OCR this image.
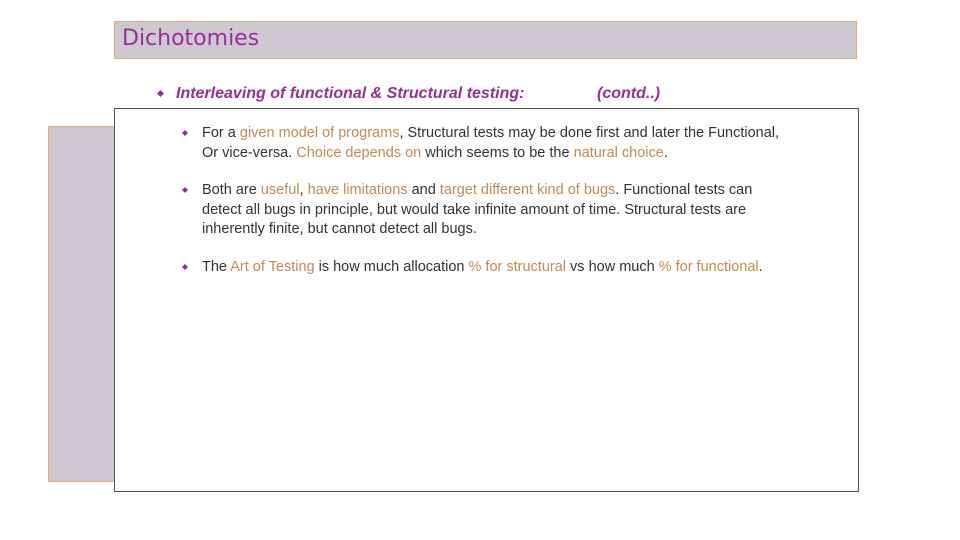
Dichotomies
Interleaving of functional & Structural testing:	(contd..)
For a given model of programs, Structural tests may be done first and later the Functional,
Or vice-versa. Choice depends on which seems to be the natural choice.
Both are useful, have limitations and target different kind of bugs. Functional tests can
detect all bugs in principle, but would take infinite amount of time. Structural tests are
inherently finite, but cannot detect all bugs.
The Art of Testing is how much allocation % for structural vs how much % for functional.
